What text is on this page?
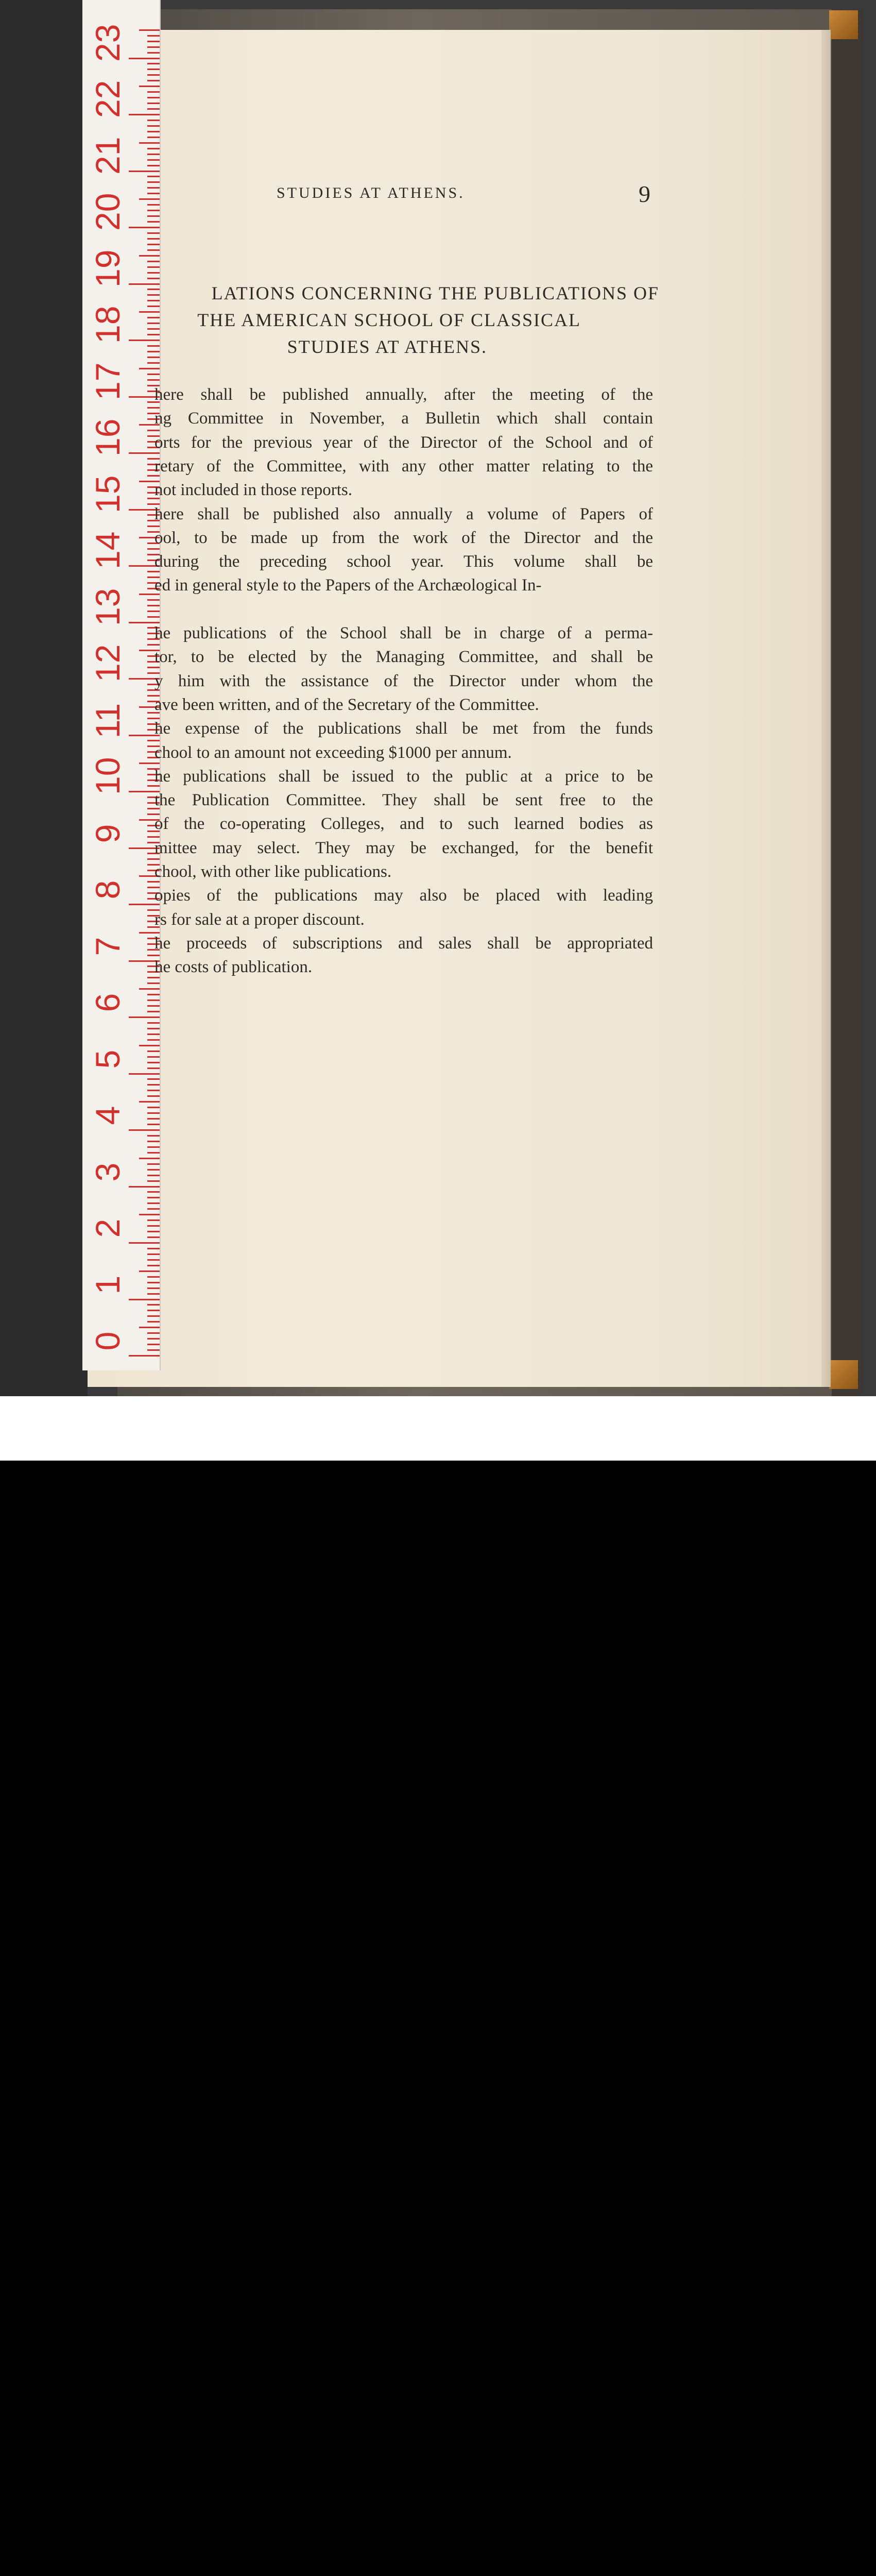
23
22
21
20
19
18
17
16
15
14
13
12
11
10
9
8
7
6
5
4
3
2
1
0
STUDIES AT ATHENS.	9
LATIONS CONCERNING THE PUBLICATIONS OF
THE AMERICAN SCHOOL OF CLASSICAL
STUDIES AT ATHENS.
here shall be published annually, after the meeting of the
ng Committee in November, a Bulletin which shall contain
orts for the previous year of the Director of the School and of
retary of the Committee, with any other matter relating to the
not included in those reports.
here shall be published also annually a volume of Papers of
ool, to be made up from the work of the Director and the
during the preceding school year. This volume shall be
ed in general style to the Papers of the Archæological In-
he publications of the School shall be in charge of a perma-
tor, to be elected by the Managing Committee, and shall be
y him with the assistance of the Director under whom the
ave been written, and of the Secretary of the Committee.
he expense of the publications shall be met from the funds
chool to an amount not exceeding $1000 per annum.
he publications shall be issued to the public at a price to be
the Publication Committee. They shall be sent free to the
of the co-operating Colleges, and to such learned bodies as
mittee may select. They may be exchanged, for the benefit
chool, with other like publications.
opies of the publications may also be placed with leading
rs for sale at a proper discount.
he proceeds of subscriptions and sales shall be appropriated
he costs of publication.
